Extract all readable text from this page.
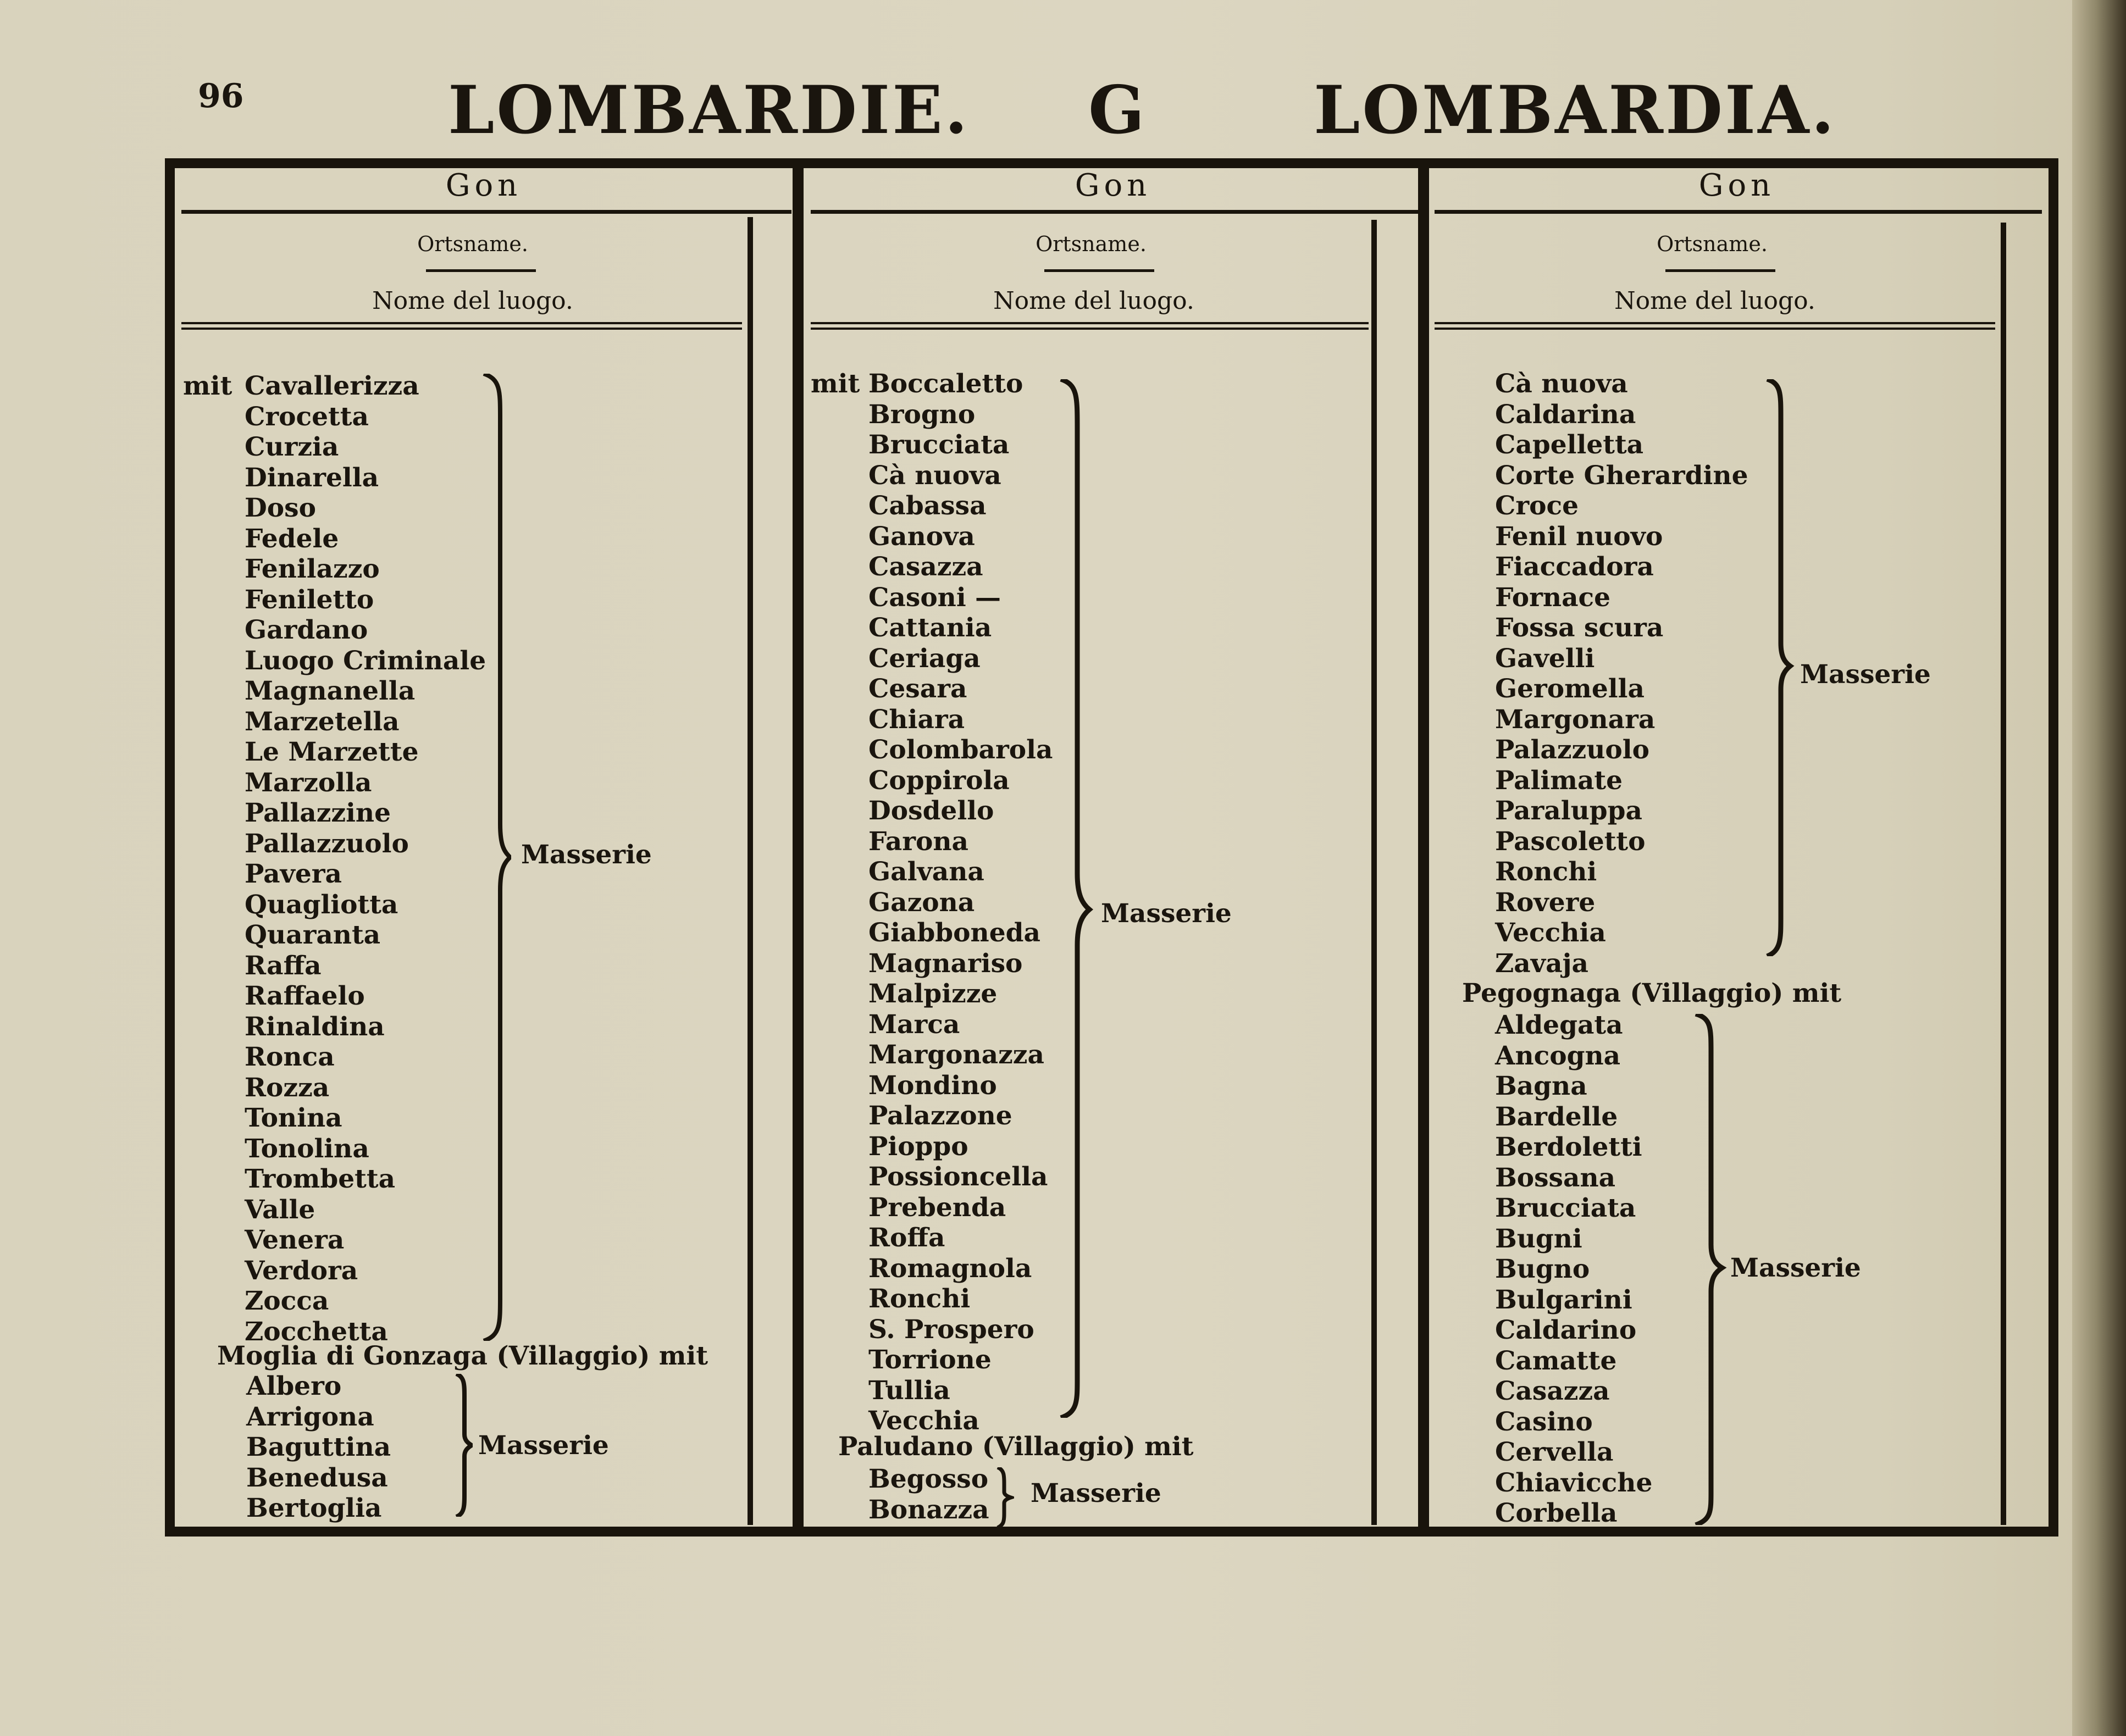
96	LOMBARDIE. G	LOMBARDIA.
Gon	Gon	Gon
Ortsname.	Ortsname.	Ortsname.
Nome del luogo.	Nome del luogo.	Nome del luogo.
mit Cavallerizza
Crocetta
Curzia
Dinarella
Doso
Fedele
Fenilazzo
Feniletto
Gardano
Luogo Criminale
Magnanella
Marzetella
Le Marzette
Marzolla
Pallazzine
Pallazzuolo
Pavera
Quagliotta
Quaranta
Raffa
Raffaelo
Rinaldina
Ronca
Rozza
Tonina
Tonolina
Trombetta
Valle
Venera
Verdora
Zocca
Zocchetta
Masserie
Moglia di Gonzaga (Villaggio) mit
Albero
Arrigona
Baguttina
Benedusa
Bertoglia
Masserie
mit Boccaletto
Brogno
Brucciata
Cà nuova
Cabassa
Ganova
Casazza
Casoni —
Cattania
Ceriaga
Cesara
Chiara
Colombarola
Coppirola
Dosdello
Farona
Galvana
Gazona
Giabboneda
Magnariso
Malpizze
Marca
Margonazza
Mondino
Palazzone
Pioppo
Possioncella
Prebenda
Roffa
Romagnola
Ronchi
S. Prospero
Torrione
Tullia
Vecchia
Masserie
Paludano (Villaggio) mit
Begosso
Bonazza
Masserie
Cà nuova
Caldarina
Capelletta
Corte Gherardine
Croce
Fenil nuovo
Fiaccadora
Fornace
Fossa scura
Gavelli
Geromella
Margonara
Palazzuolo
Palimate
Paraluppa
Pascoletto
Ronchi
Rovere
Vecchia
Zavaja
Masserie
Pegognaga (Villaggio) mit
Aldegata
Ancogna
Bagna
Bardelle
Berdoletti
Bossana
Brucciata
Bugni
Bugno
Bulgarini
Caldarino
Camatte
Casazza
Casino
Cervella
Chiavicche
Corbella
Masserie
